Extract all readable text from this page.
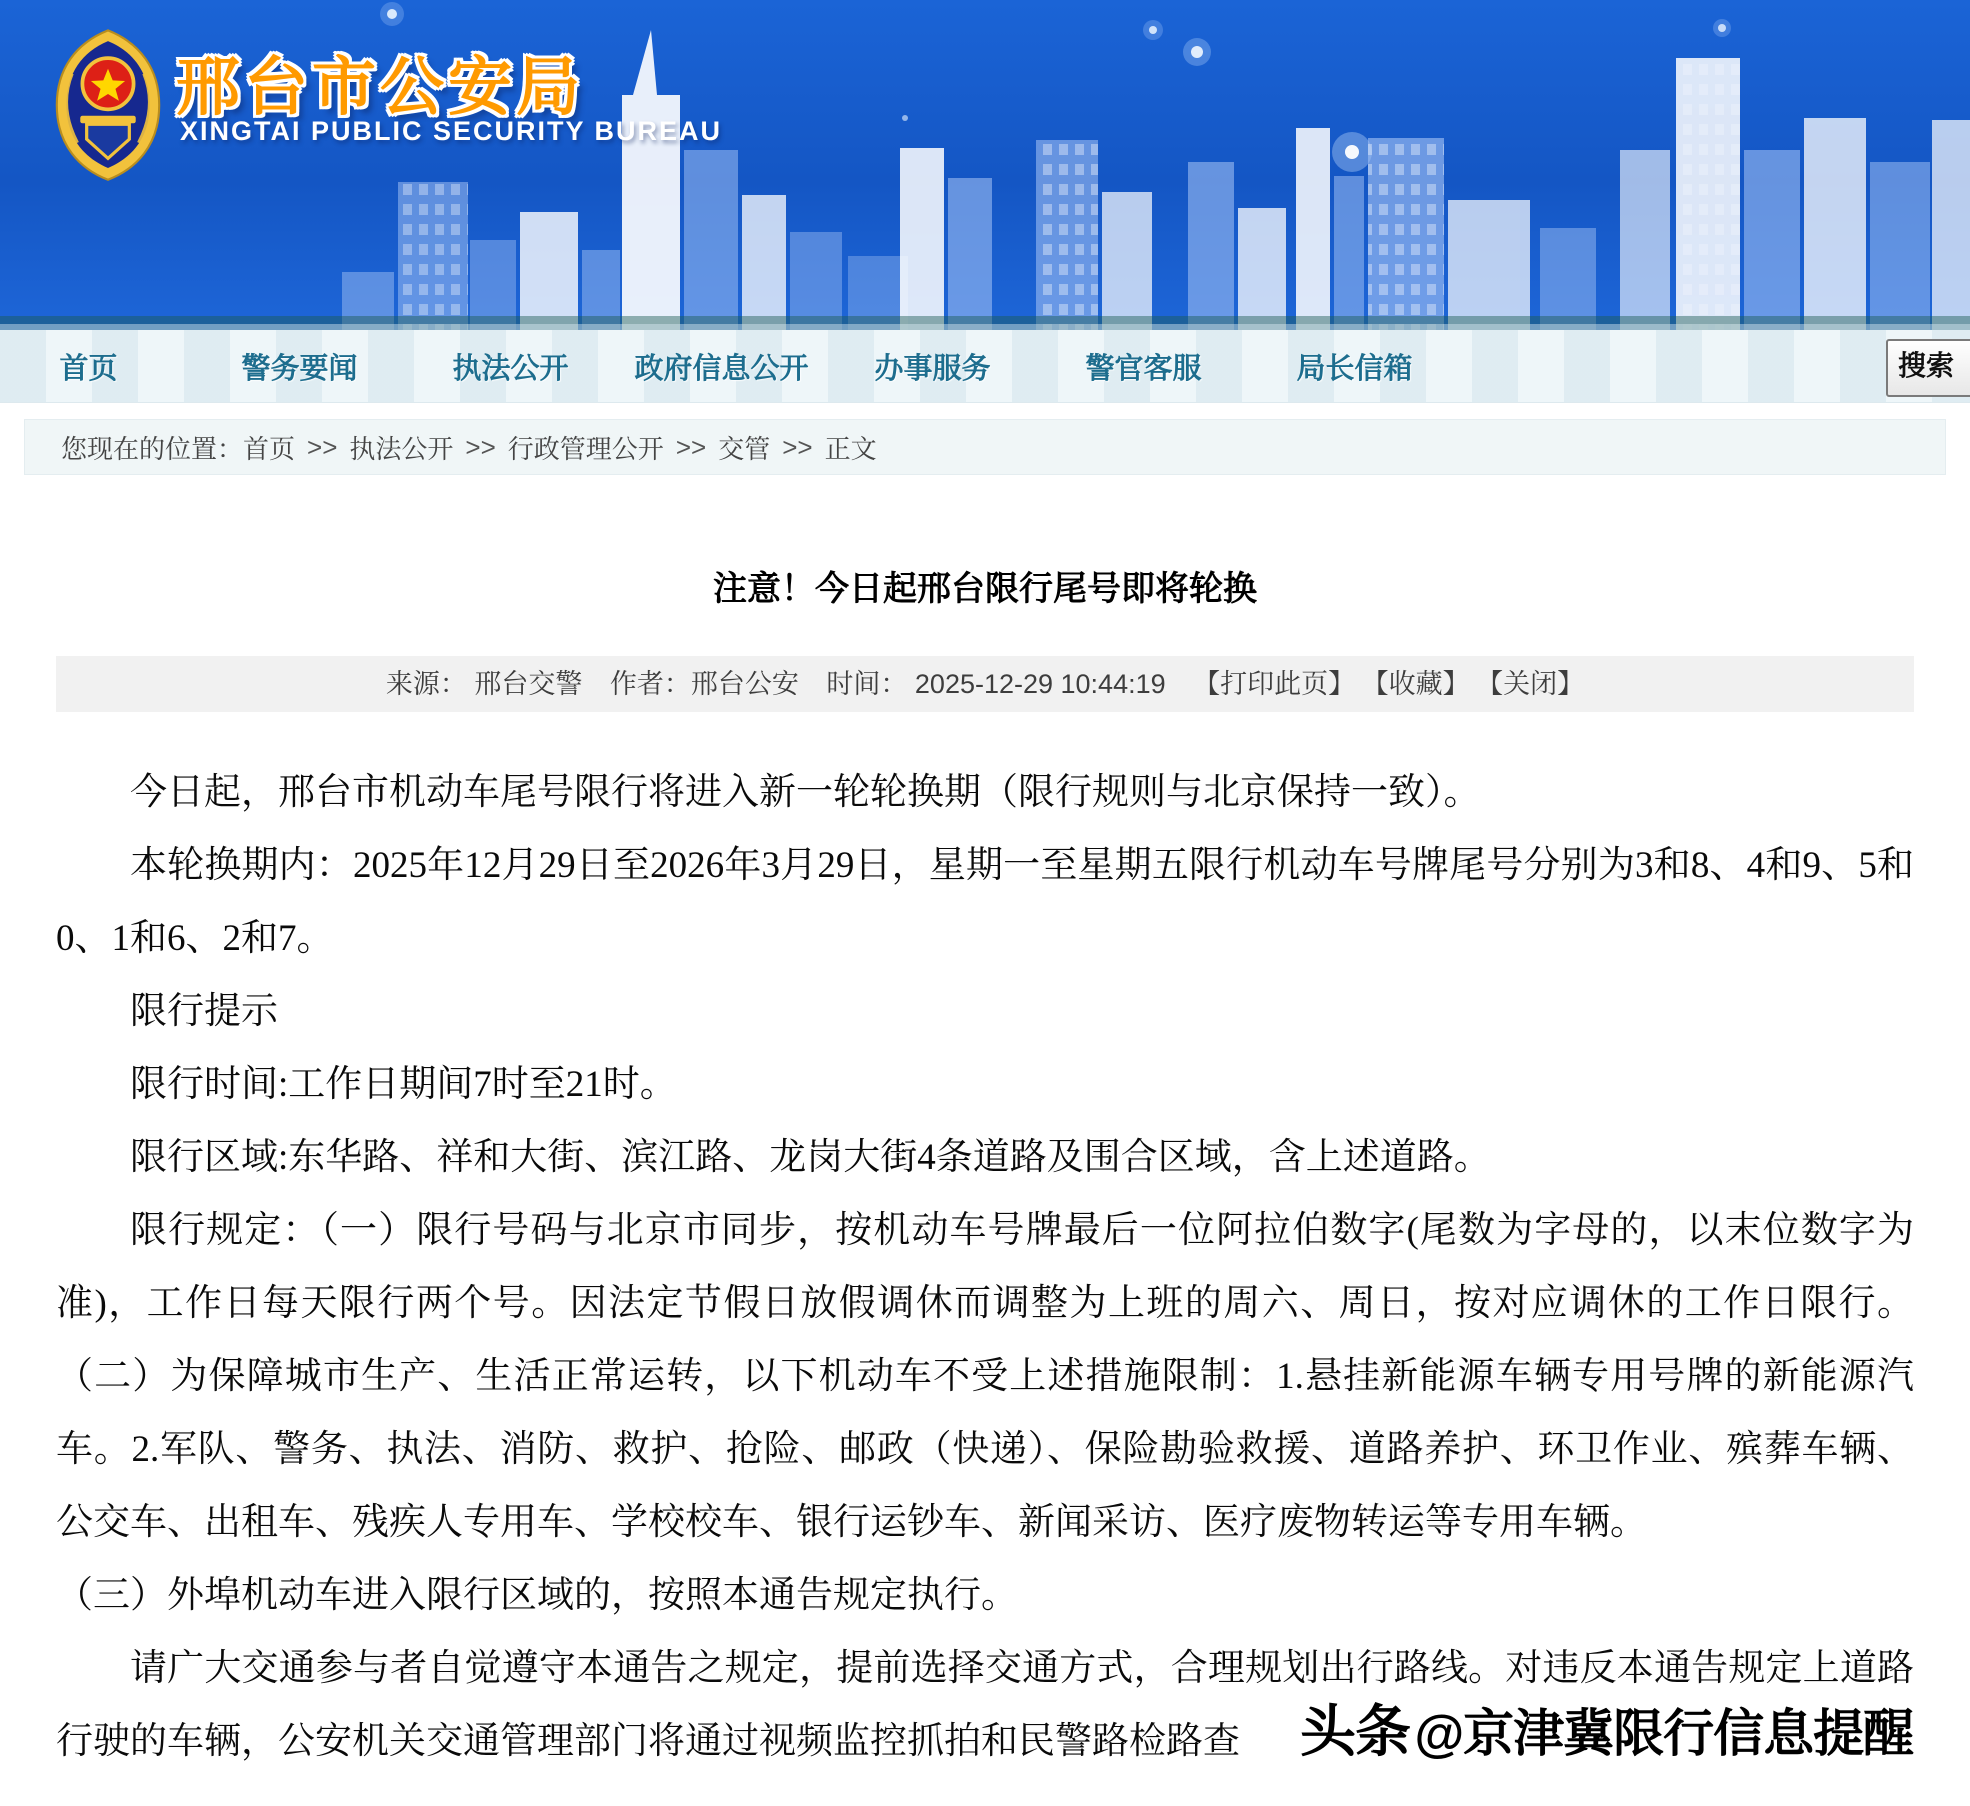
邢台市公安局
XINGTAI PUBLIC SECURITY BUREAU
首页	警务要闻	执法公开	政府信息公开	办事服务	警官客服	局长信箱	搜索
您现在的位置： 首页 >> 执法公开 >> 行政管理公开 >> 交管 >> 正文
注意！今日起邢台限行尾号即将轮换
来源： 邢台交警 作者：邢台公安 时间： 2025-12-29 10:44:19 【打印此页】 【收藏】 【关闭】

今日起，邢台市机动车尾号限行将进入新一轮轮换期（限行规则与北京保持一致）。

本轮换期内：2025年12月29日至2026年3月29日，星期一至星期五限行机动车号牌尾号分别为3和8、4和9、5和0、1和6、2和7。

限行提示

限行时间:工作日期间7时至21时。

限行区域:东华路、祥和大街、滨江路、龙岗大街4条道路及围合区域，含上述道路。

限行规定：（一）限行号码与北京市同步，按机动车号牌最后一位阿拉伯数字(尾数为字母的，以末位数字为准)，工作日每天限行两个号。因法定节假日放假调休而调整为上班的周六、周日，按对应调休的工作日限行。（二）为保障城市生产、生活正常运转，以下机动车不受上述措施限制：1.悬挂新能源车辆专用号牌的新能源汽车。2.军队、警务、执法、消防、救护、抢险、邮政（快递）、保险勘验救援、道路养护、环卫作业、殡葬车辆、公交车、出租车、残疾人专用车、学校校车、银行运钞车、新闻采访、医疗废物转运等专用车辆。

（三）外埠机动车进入限行区域的，按照本通告规定执行。

请广大交通参与者自觉遵守本通告之规定，提前选择交通方式，合理规划出行路线。对违反本通告规定上道路行驶的车辆，公安机关交通管理部门将通过视频监控抓拍和民警路检路查	头条 @京津冀限行信息提醒
